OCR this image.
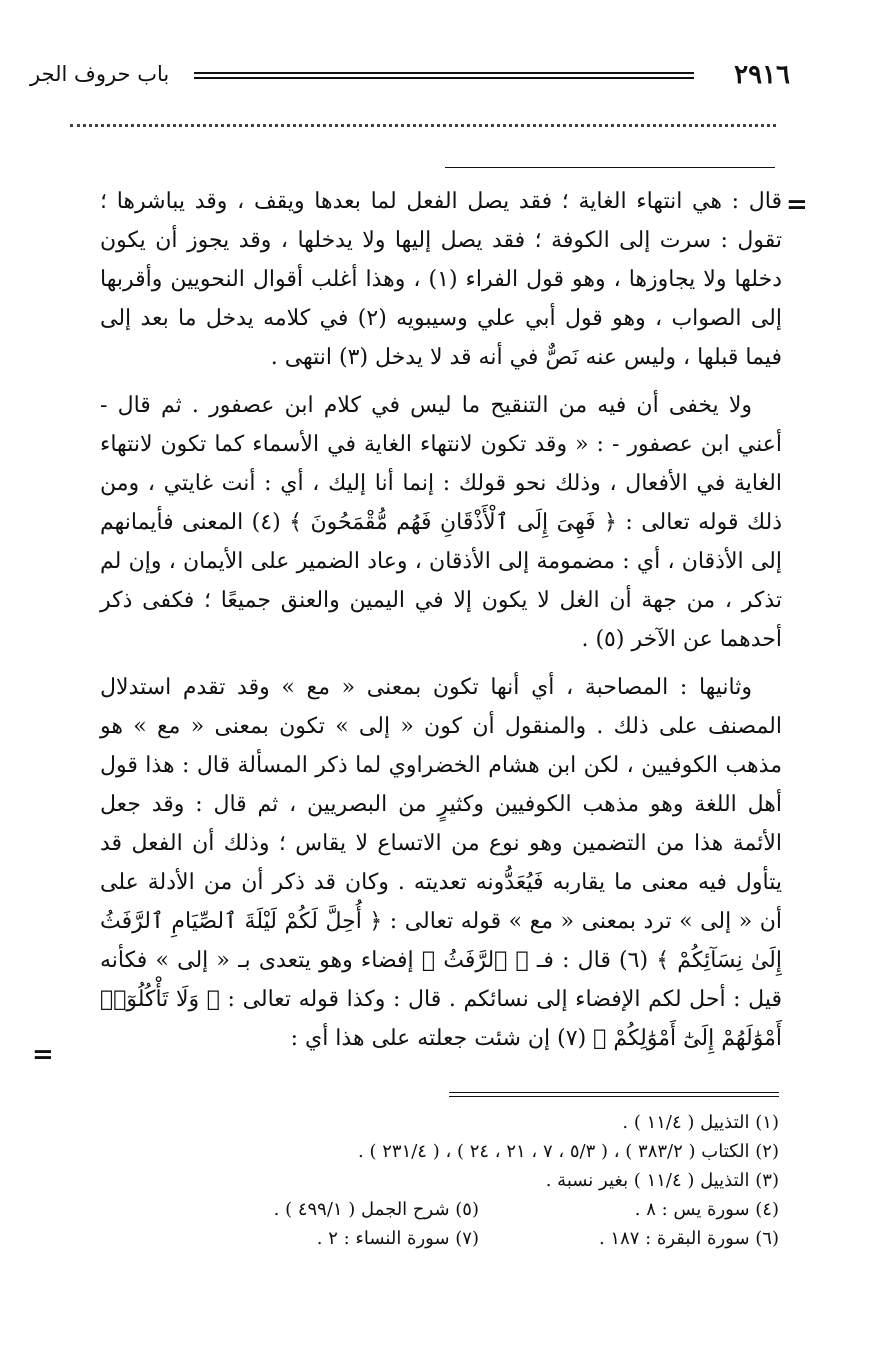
٢٩١٦
باب حروف الجر
=

قال : هي انتهاء الغاية ؛ فقد يصل الفعل لما بعدها ويقف ، وقد يباشرها ؛ تقول : سرت إلى الكوفة ؛ فقد يصل إليها ولا يدخلها ، وقد يجوز أن يكون دخلها ولا يجاوزها ، وهو قول الفراء (١) ، وهذا أغلب أقوال النحويين وأقربها إلى الصواب ، وهو قول أبي علي وسيبويه (٢) في كلامه يدخل ما بعد إلى فيما قبلها ، وليس عنه نَصٌّ في أنه قد لا يدخل (٣) انتهى .

ولا يخفى أن فيه من التنقيح ما ليس في كلام ابن عصفور . ثم قال - أعني ابن عصفور - : « وقد تكون لانتهاء الغاية في الأسماء كما تكون لانتهاء الغاية في الأفعال ، وذلك نحو قولك : إنما أنا إليك ، أي : أنت غايتي ، ومن ذلك قوله تعالى : ﴿ فَهِىَ إِلَى ٱلْأَذْقَانِ فَهُم مُّقْمَحُونَ ﴾ (٤) المعنى فأيمانهم إلى الأذقان ، أي : مضمومة إلى الأذقان ، وعاد الضمير على الأيمان ، وإن لم تذكر ، من جهة أن الغل لا يكون إلا في اليمين والعنق جميعًا ؛ فكفى ذكر أحدهما عن الآخر (٥) .

وثانيها : المصاحبة ، أي أنها تكون بمعنى « مع » وقد تقدم استدلال المصنف على ذلك . والمنقول أن كون « إلى » تكون بمعنى « مع » هو مذهب الكوفيين ، لكن ابن هشام الخضراوي لما ذكر المسألة قال : هذا قول أهل اللغة وهو مذهب الكوفيين وكثيرٍ من البصريين ، ثم قال : وقد جعل الأئمة هذا من التضمين وهو نوع من الاتساع لا يقاس ؛ وذلك أن الفعل قد يتأول فيه معنى ما يقاربه فَيُعَدُّونه تعديته . وكان قد ذكر أن من الأدلة على أن « إلى » ترد بمعنى « مع » قوله تعالى : ﴿ أُحِلَّ لَكُمْ لَيْلَةَ ٱلصِّيَامِ ٱلرَّفَثُ إِلَىٰ نِسَآئِكُمْ ﴾ (٦) قال : فـ ﴿ ٱلرَّفَثُ ﴾ إفضاء وهو يتعدى بـ « إلى » فكأنه قيل : أحل لكم الإفضاء إلى نسائكم . قال : وكذا قوله تعالى : ﴿ وَلَا تَأْكُلُوٓا۟ أَمْوَٰلَهُمْ إِلَىٰٓ أَمْوَٰلِكُمْ ﴾ (٧) إن شئت جعلته على هذا أي :

=

(١) التذييل ( ١١/٤ ) .

(٢) الكتاب ( ٣٨٣/٢ ) ، ( ٥/٣ ، ٧ ، ٢١ ، ٢٤ ) ، ( ٢٣١/٤ ) .

(٣) التذييل ( ١١/٤ ) بغير نسبة .

(٤) سورة يس : ٨ .

(٥) شرح الجمل ( ٤٩٩/١ ) .

(٦) سورة البقرة : ١٨٧ .

(٧) سورة النساء : ٢ .
